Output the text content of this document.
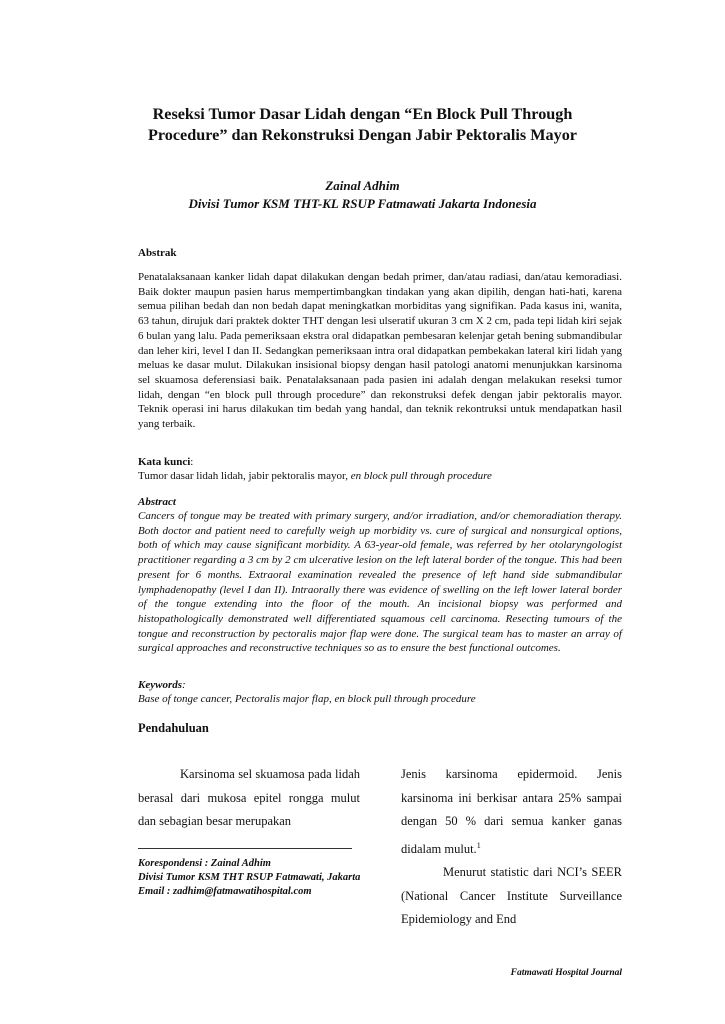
Reseksi Tumor Dasar Lidah dengan “En Block Pull Through
Procedure” dan Rekonstruksi Dengan Jabir Pektoralis Mayor
Zainal Adhim
Divisi Tumor KSM THT-KL RSUP Fatmawati Jakarta Indonesia
Abstrak
Penatalaksanaan kanker lidah dapat dilakukan dengan bedah primer, dan/atau radiasi, dan/atau kemoradiasi. Baik dokter maupun pasien harus mempertimbangkan tindakan yang akan dipilih, dengan hati-hati, karena semua pilihan bedah dan non bedah dapat meningkatkan morbiditas yang signifikan. Pada kasus ini, wanita, 63 tahun, dirujuk dari praktek dokter THT dengan lesi ulseratif ukuran 3 cm X 2 cm, pada tepi lidah kiri sejak 6 bulan yang lalu. Pada pemeriksaan ekstra oral didapatkan pembesaran kelenjar getah bening submandibular dan leher kiri, level I dan II. Sedangkan pemeriksaan intra oral didapatkan pembekakan lateral kiri lidah yang meluas ke dasar mulut. Dilakukan insisional biopsy dengan hasil patologi anatomi menunjukkan karsinoma sel skuamosa deferensiasi baik. Penatalaksanaan pada pasien ini adalah dengan melakukan reseksi tumor lidah, dengan “en block pull through procedure” dan rekonstruksi defek dengan jabir pektoralis mayor. Teknik operasi ini harus dilakukan tim bedah yang handal, dan teknik rekontruksi untuk mendapatkan hasil yang terbaik.
Kata kunci:
Tumor dasar lidah lidah, jabir pektoralis mayor, en block pull through procedure
Abstract
Cancers of tongue may be treated with primary surgery, and/or irradiation, and/or chemoradiation therapy. Both doctor and patient need to carefully weigh up morbidity vs. cure of surgical and nonsurgical options, both of which may cause significant morbidity. A 63-year-old female, was referred by her otolaryngologist practitioner regarding a 3 cm by 2 cm ulcerative lesion on the left lateral border of the tongue. This had been present for 6 months. Extraoral examination revealed the presence of left hand side submandibular lymphadenopathy (level I dan II). Intraorally there was evidence of swelling on the left lower lateral border of the tongue extending into the floor of the mouth. An incisional biopsy was performed and histopathologically demonstrated well differentiated squamous cell carcinoma. Resecting tumours of the tongue and reconstruction by pectoralis major flap were done. The surgical team has to master an array of surgical approaches and reconstructive techniques so as to ensure the best functional outcomes.
Keywords:
Base of tonge cancer, Pectoralis major flap, en block pull through procedure
Pendahuluan

Karsinoma sel skuamosa pada lidah berasal dari mukosa epitel rongga mulut dan sebagian besar merupakan

Jenis karsinoma epidermoid. Jenis karsinoma ini berkisar antara 25% sampai dengan 50 % dari semua kanker ganas didalam mulut.$^1$

Menurut statistic dari NCI’s SEER (National Cancer Institute Surveillance Epidemiology and End

Korespondensi : Zainal Adhim
Divisi Tumor KSM THT RSUP Fatmawati, Jakarta
Email : zadhim@fatmawatihospital.com
Fatmawati Hospital Journal
